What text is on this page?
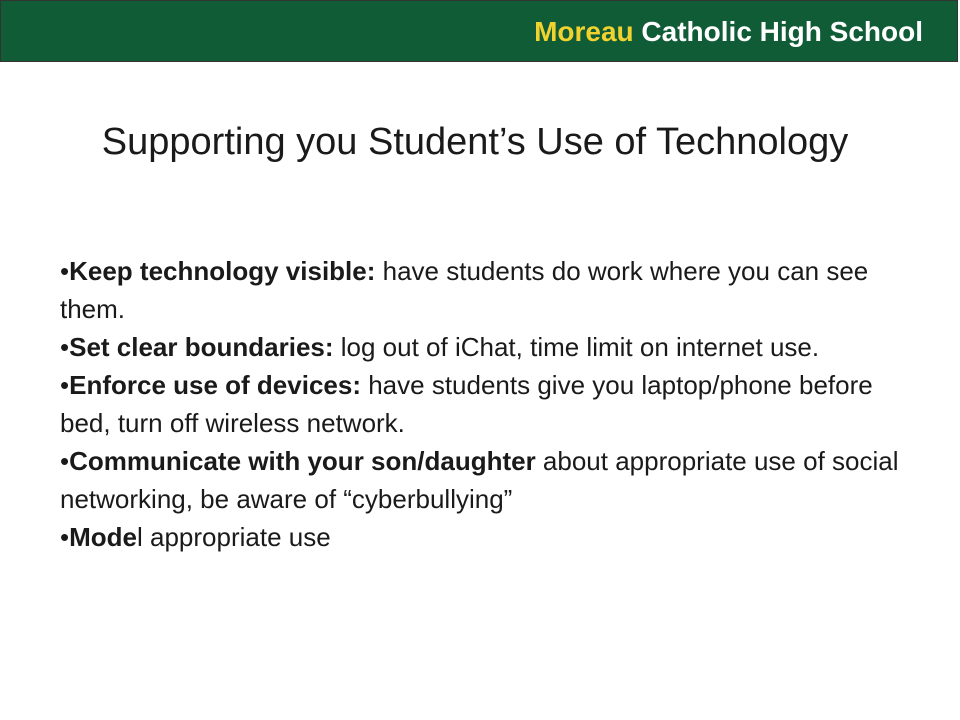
Moreau Catholic High School
Supporting you Student’s Use of Technology
•Keep technology visible: have students do work where you can see them.
•Set clear boundaries: log out of iChat, time limit on internet use.
•Enforce use of devices: have students give you laptop/phone before bed, turn off wireless network.
•Communicate with your son/daughter about appropriate use of social networking, be aware of “cyberbullying”
•Model appropriate use
